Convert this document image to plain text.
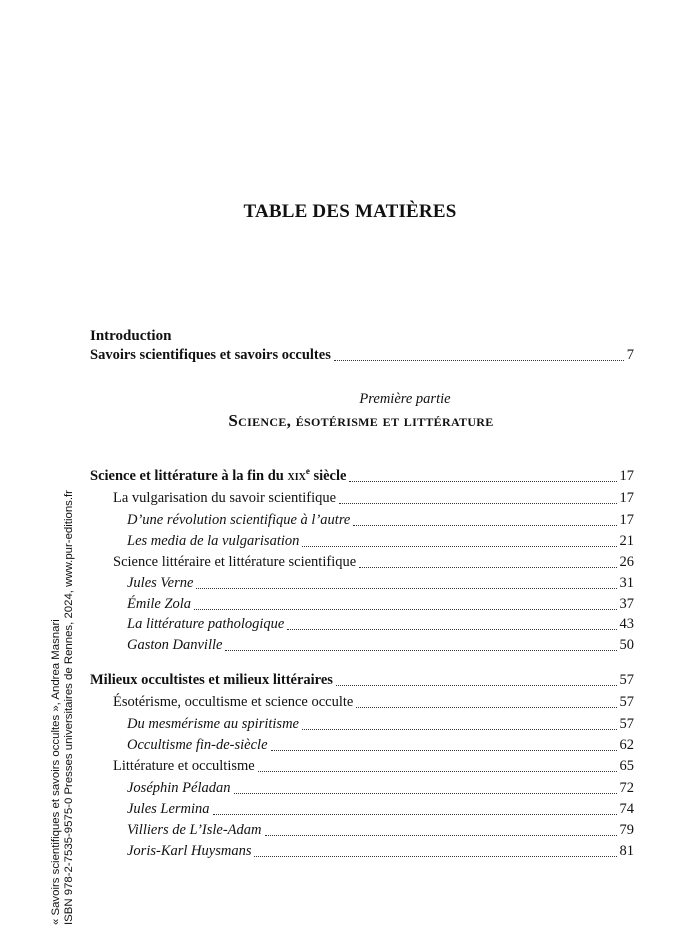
TABLE DES MATIÈRES
Introduction
Savoirs scientifiques et savoirs occultes	7
Première partie
Science, ésotérisme et littérature
Science et littérature à la fin du xix$^e$ siècle	17
La vulgarisation du savoir scientifique	17
D’une révolution scientifique à l’autre	17
Les media de la vulgarisation	21
Science littéraire et littérature scientifique	26
Jules Verne	31
Émile Zola	37
La littérature pathologique	43
Gaston Danville	50
Milieux occultistes et milieux littéraires	57
Ésotérisme, occultisme et science occulte	57
Du mesmérisme au spiritisme	57
Occultisme fin-de-siècle	62
Littérature et occultisme	65
Joséphin Péladan	72
Jules Lermina	74
Villiers de L’Isle-Adam	79
Joris-Karl Huysmans	81
« Savoirs scientifiques et savoirs occultes », Andrea Masnari ISBN 978-2-7535-9575-0 Presses universitaires de Rennes, 2024, www.pur-editions.fr
